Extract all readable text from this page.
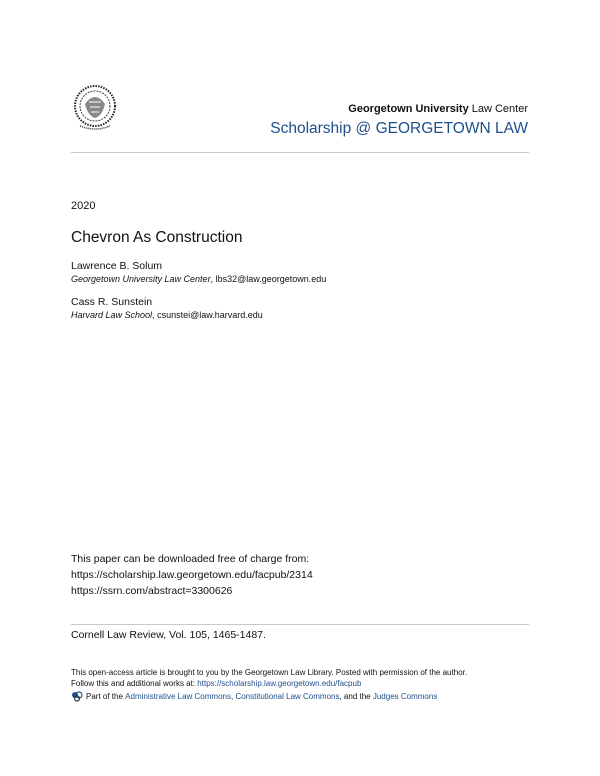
Georgetown University Law Center
Scholarship @ GEORGETOWN LAW
2020
Chevron As Construction
Lawrence B. Solum
Georgetown University Law Center, lbs32@law.georgetown.edu
Cass R. Sunstein
Harvard Law School, csunstei@law.harvard.edu
This paper can be downloaded free of charge from:
https://scholarship.law.georgetown.edu/facpub/2314
https://ssrn.com/abstract=3300626
Cornell Law Review, Vol. 105, 1465-1487.
This open-access article is brought to you by the Georgetown Law Library. Posted with permission of the author.
Follow this and additional works at: https://scholarship.law.georgetown.edu/facpub
Part of the
Administrative Law Commons ,
Constitutional Law Commons , and the
Judges Commons
